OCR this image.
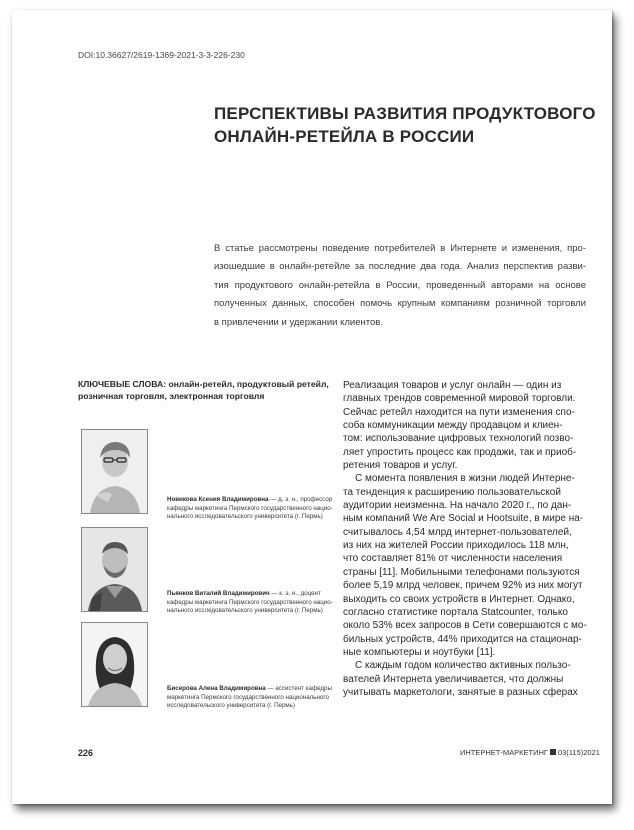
DOI:10.36627/2619-1369-2021-3-3-226-230
ПЕРСПЕКТИВЫ РАЗВИТИЯ ПРОДУКТОВОГО
ОНЛАЙН-РЕТЕЙЛА В РОССИИ
В статье рассмотрены поведение потребителей в Интернете и изменения, про-
изошедшие в онлайн-ретейле за последние два года. Анализ перспектив разви-
тия продуктового онлайн-ретейла в России, проведенный авторами на основе
полученных данных, способен помочь крупным компаниям розничной торговли
в привлечении и удержании клиентов.
КЛЮЧЕВЫЕ СЛОВА: онлайн-ретейл, продуктовый ретейл,
розничная торговля, электронная торговля
Новикова Ксения Владимировна — д. э. н., профессор
кафедры маркетинга Пермского государственного нацио-
нального исследовательского университета (г. Пермь)
Пьянков Виталий Владимирович — к. э. н., доцент
кафедры маркетинга Пермского государственного нацио-
нального исследовательского университета (г. Пермь)
Бисерова Алена Владимировна — ассистент кафедры
маркетинга Пермского государственного национального
исследовательского университета (г. Пермь)
Реализация товаров и услуг онлайн — один из
главных трендов современной мировой торговли.
Сейчас ретейл находится на пути изменения спо-
соба коммуникации между продавцом и клиен-
том: использование цифровых технологий позво-
ляет упростить процесс как продажи, так и приоб-
ретения товаров и услуг.
С момента появления в жизни людей Интерне-
та тенденция к расширению пользовательской
аудитории неизменна. На начало 2020 г., по дан-
ным компаний We Are Social и Hootsuite, в мире на-
считывалось 4,54 млрд интернет-пользователей,
из них на жителей России приходилось 118 млн,
что составляет 81% от численности населения
страны [11]. Мобильными телефонами пользуются
более 5,19 млрд человек, причем 92% из них могут
выходить со своих устройств в Интернет. Однако,
согласно статистике портала Statcounter, только
около 53% всех запросов в Сети совершаются с мо-
бильных устройств, 44% приходится на стационар-
ные компьютеры и ноутбуки [11].
С каждым годом количество активных пользо-
вателей Интернета увеличивается, что должны
учитывать маркетологи, занятые в разных сферах
226	ИНТЕРНЕТ-МАРКЕТИНГ 03(115)2021
